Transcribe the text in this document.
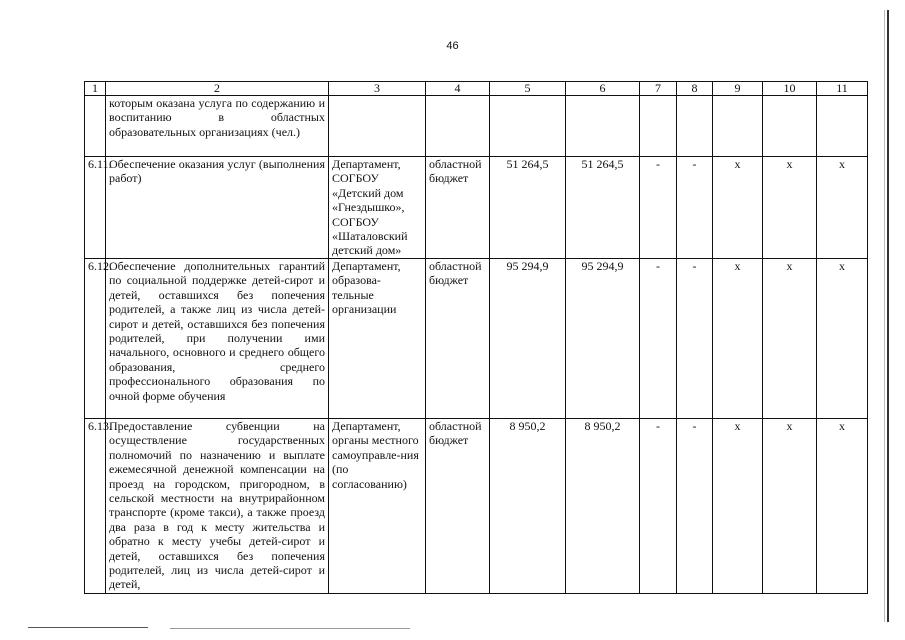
46
1	2	3	4	5	6	7	8	9	10	11
	которым оказана услуга по содержанию и воспитанию в областных образовательных организациях (чел.)									
6.11.	Обеспечение оказания услуг (выполнения работ)	Департамент, СОГБОУ «Детский дом «Гнездышко», СОГБОУ «Шаталовский детский дом»	областной бюджет	51 264,5	51 264,5	-	-	х	х	х
6.12.	Обеспечение дополнительных гарантий по социальной поддержке детей-сирот и детей, оставшихся без попечения родителей, а также лиц из числа детей-сирот и детей, оставшихся без попечения родителей, при получении ими начального, основного и среднего общего образования, среднего профессионального образования по очной форме обучения	Департамент, образова-тельные организации	областной бюджет	95 294,9	95 294,9	-	-	х	х	х
6.13.	Предоставление субвенции на осуществление государственных полномочий по назначению и выплате ежемесячной денежной компенсации на проезд на городском, пригородном, в сельской местности на внутрирайонном транспорте (кроме такси), а также проезд два раза в год к месту жительства и обратно к месту учебы детей-сирот и детей, оставшихся без попечения родителей, лиц из числа детей-сирот и детей,	Департамент, органы местного самоуправле-ния (по согласованию)	областной бюджет	8 950,2	8 950,2	-	-	х	х	х
